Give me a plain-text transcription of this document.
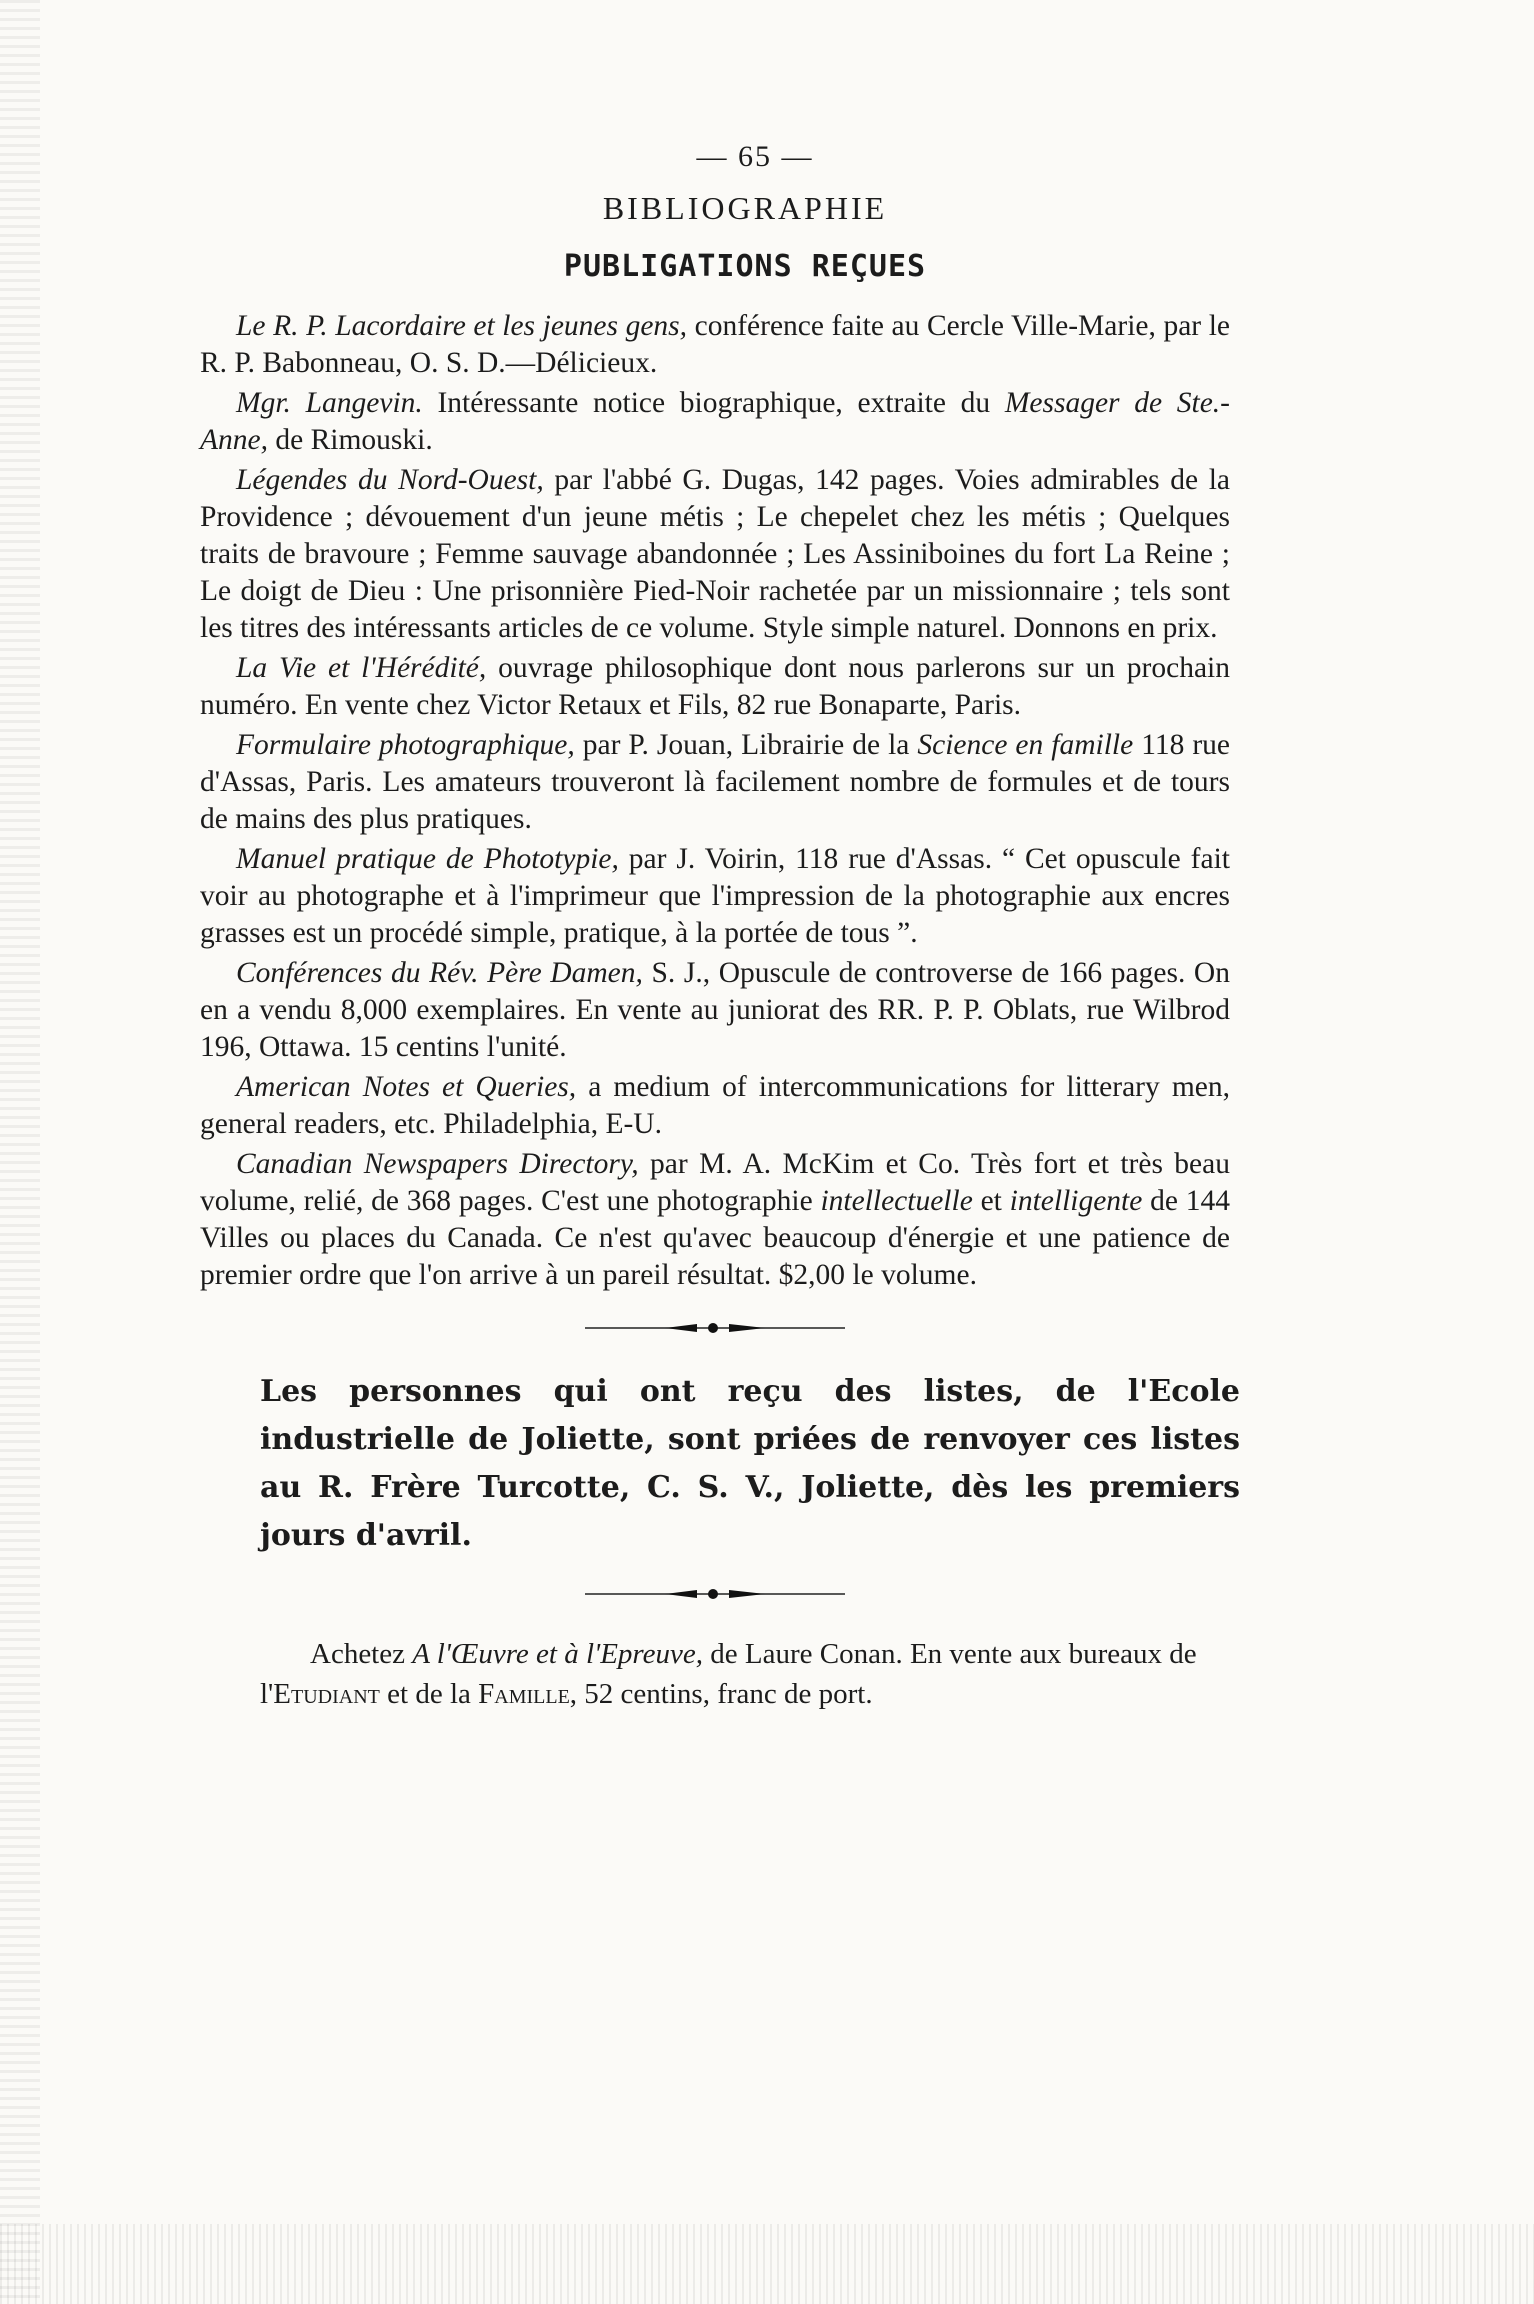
— 65 —
BIBLIOGRAPHIE
PUBLIGATIONS REÇUES

Le R. P. Lacordaire et les jeunes gens, conférence faite au Cercle Ville-Marie, par le R. P. Babonneau, O. S. D.—Délicieux.

Mgr. Langevin. Intéressante notice biographique, extraite du Messager de Ste.-Anne, de Rimouski.

Légendes du Nord-Ouest, par l'abbé G. Dugas, 142 pages. Voies admirables de la Providence ; dévouement d'un jeune métis ; Le chepelet chez les métis ; Quelques traits de bravoure ; Femme sauvage abandonnée ; Les Assiniboines du fort La Reine ; Le doigt de Dieu : Une prisonnière Pied-Noir rachetée par un missionnaire ; tels sont les titres des intéressants articles de ce volume. Style simple naturel. Donnons en prix.

La Vie et l'Hérédité, ouvrage philosophique dont nous parlerons sur un prochain numéro. En vente chez Victor Retaux et Fils, 82 rue Bonaparte, Paris.

Formulaire photographique, par P. Jouan, Librairie de la Science en famille 118 rue d'Assas, Paris. Les amateurs trouveront là facilement nombre de formules et de tours de mains des plus pratiques.

Manuel pratique de Phototypie, par J. Voirin, 118 rue d'Assas. “ Cet opuscule fait voir au photographe et à l'imprimeur que l'impression de la photographie aux encres grasses est un procédé simple, pratique, à la portée de tous ”.

Conférences du Rév. Père Damen, S. J., Opuscule de controverse de 166 pages. On en a vendu 8,000 exemplaires. En vente au juniorat des RR. P. P. Oblats, rue Wilbrod 196, Ottawa. 15 centins l'unité.

American Notes et Queries, a medium of intercommunications for litterary men, general readers, etc. Philadelphia, E-U.

Canadian Newspapers Directory, par M. A. McKim et Co. Très fort et très beau volume, relié, de 368 pages. C'est une photographie intellectuelle et intelligente de 144 Villes ou places du Canada. Ce n'est qu'avec beaucoup d'énergie et une patience de premier ordre que l'on arrive à un pareil résultat. $2,00 le volume.

Les personnes qui ont reçu des listes, de l'Ecole industrielle de Joliette, sont priées de renvoyer ces listes au R. Frère Turcotte, C. S. V., Joliette, dès les premiers jours d'avril.

Achetez A l'Œuvre et à l'Epreuve, de Laure Conan. En vente aux bureaux de l'Etudiant et de la Famille, 52 centins, franc de port.
